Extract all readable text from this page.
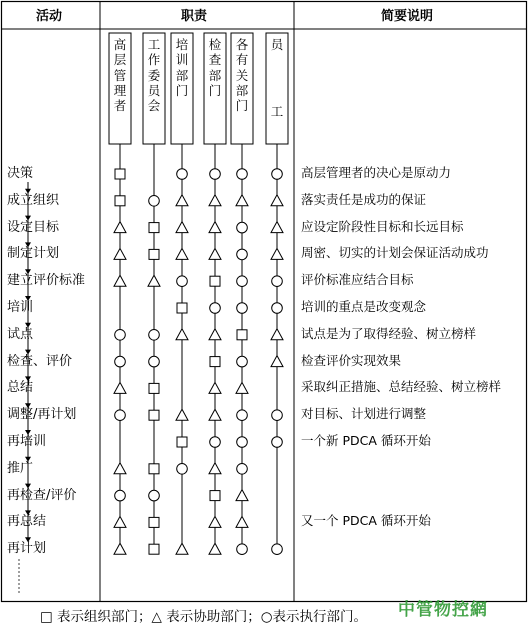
活动	职责	简要说明
高
层
管
理
者
工
作
委
员
会
培
训
部
门
检
查
部
门
各
有
关
部
门
员
工
决策
成立组织
设定目标
制定计划
建立评价标准
培训
试点
检查、评价
总结
调整/再计划
再培训
推广
再检查/评价
再总结
再计划
高层管理者的决心是原动力
落实责任是成功的保证
应设定阶段性目标和长远目标
周密、切实的计划会保证活动成功
评价标准应结合目标
培训的重点是改变观念
试点是为了取得经验、树立榜样
检查评价实现效果
采取纠正措施、总结经验、树立榜样
对目标、计划进行调整
一个新 PDCA 循环开始
又一个 PDCA 循环开始
□ 表示组织部门；△ 表示协助部门；○表示执行部门。 中管物控網
